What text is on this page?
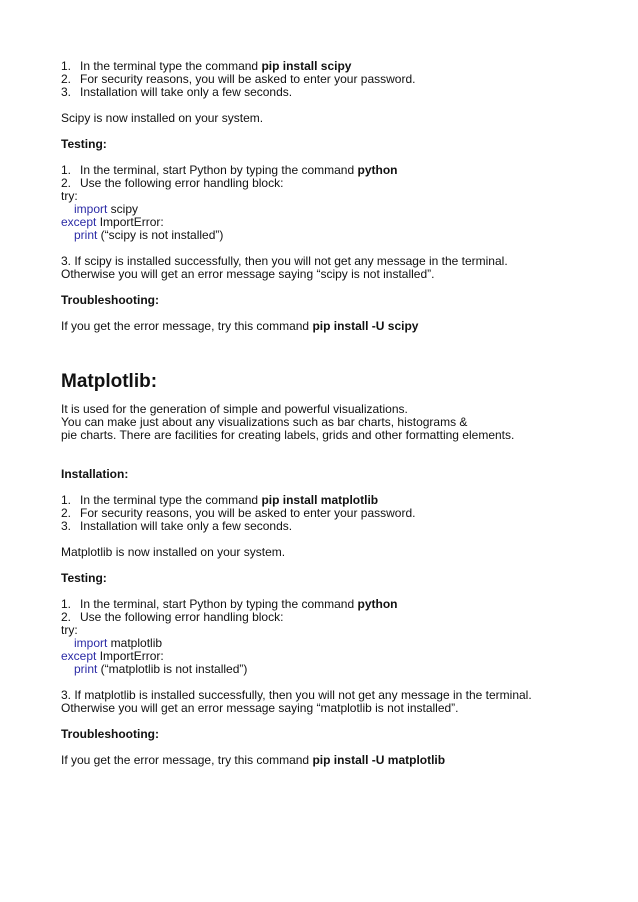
1. In the terminal type the command pip install scipy
2. For security reasons, you will be asked to enter your password.
3. Installation will take only a few seconds.
Scipy is now installed on your system.
Testing:
1. In the terminal, start Python by typing the command python
2. Use the following error handling block:
try:
import scipy
except ImportError:
print (“scipy is not installed”)
3. If scipy is installed successfully, then you will not get any message in the terminal.
Otherwise you will get an error message saying “scipy is not installed”.
Troubleshooting:
If you get the error message, try this command pip install -U scipy
Matplotlib:
It is used for the generation of simple and powerful visualizations.
You can make just about any visualizations such as bar charts, histograms &
pie charts. There are facilities for creating labels, grids and other formatting elements.
Installation:
1. In the terminal type the command pip install matplotlib
2. For security reasons, you will be asked to enter your password.
3. Installation will take only a few seconds.
Matplotlib is now installed on your system.
Testing:
1. In the terminal, start Python by typing the command python
2. Use the following error handling block:
try:
import matplotlib
except ImportError:
print (“matplotlib is not installed”)
3. If matplotlib is installed successfully, then you will not get any message in the terminal.
Otherwise you will get an error message saying “matplotlib is not installed”.
Troubleshooting:
If you get the error message, try this command pip install -U matplotlib
